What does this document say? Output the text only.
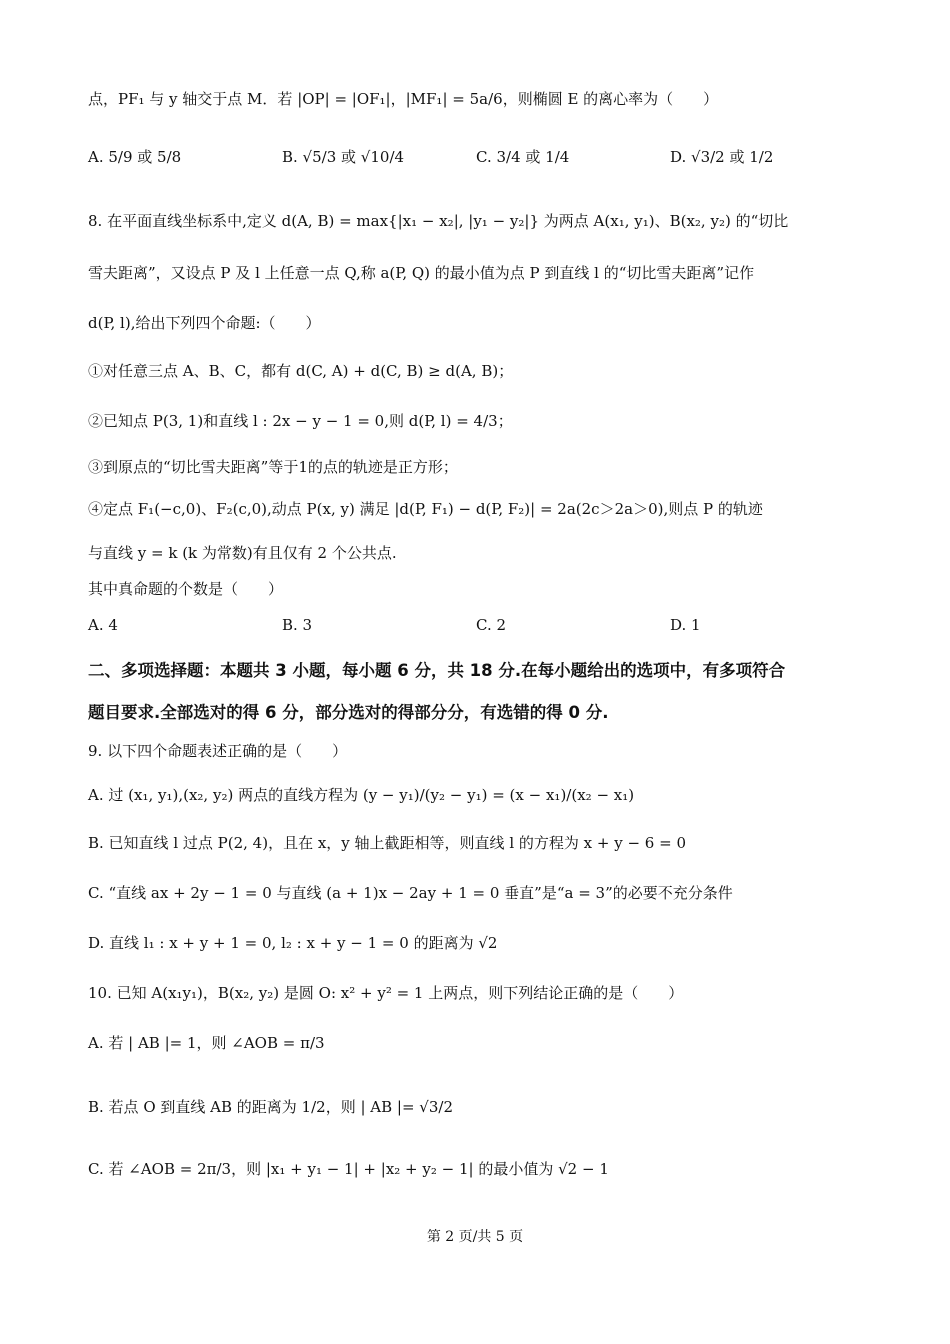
点，PF₁ 与 y 轴交于点 M．若 |OP| = |OF₁|，|MF₁| = 5a/6，则椭圆 E 的离心率为（　　）
A. 5/9 或 5/8	B. √5/3 或 √10/4	C. 3/4 或 1/4	D. √3/2 或 1/2
8. 在平面直线坐标系中,定义 d(A, B) = max{|x₁ − x₂|, |y₁ − y₂|} 为两点 A(x₁, y₁)、B(x₂, y₂) 的“切比
雪夫距离”，又设点 P 及 l 上任意一点 Q,称 a(P, Q) 的最小值为点 P 到直线 l 的“切比雪夫距离”记作
d(P, l),给出下列四个命题:（　　）
①对任意三点 A、B、C，都有 d(C, A) + d(C, B) ≥ d(A, B)；
②已知点 P(3, 1)和直线 l : 2x − y − 1 = 0,则 d(P, l) = 4/3；
③到原点的“切比雪夫距离”等于1的点的轨迹是正方形；
④定点 F₁(−c,0)、F₂(c,0),动点 P(x, y) 满足 |d(P, F₁) − d(P, F₂)| = 2a(2c＞2a＞0),则点 P 的轨迹
与直线 y = k (k 为常数)有且仅有 2 个公共点.
其中真命题的个数是（　　）
A. 4	B. 3	C. 2	D. 1
二、多项选择题：本题共 3 小题，每小题 6 分，共 18 分.在每小题给出的选项中，有多项符合
题目要求.全部选对的得 6 分，部分选对的得部分分，有选错的得 0 分.
9. 以下四个命题表述正确的是（　　）
A. 过 (x₁, y₁),(x₂, y₂) 两点的直线方程为 (y − y₁)/(y₂ − y₁) = (x − x₁)/(x₂ − x₁)
B. 已知直线 l 过点 P(2, 4)，且在 x，y 轴上截距相等，则直线 l 的方程为 x + y − 6 = 0
C. “直线 ax + 2y − 1 = 0 与直线 (a + 1)x − 2ay + 1 = 0 垂直”是“a = 3”的必要不充分条件
D. 直线 l₁ : x + y + 1 = 0, l₂ : x + y − 1 = 0 的距离为 √2
10. 已知 A(x₁y₁)，B(x₂, y₂) 是圆 O: x² + y² = 1 上两点，则下列结论正确的是（　　）
A. 若 | AB |= 1，则 ∠AOB = π/3
B. 若点 O 到直线 AB 的距离为 1/2，则 | AB |= √3/2
C. 若 ∠AOB = 2π/3，则 |x₁ + y₁ − 1| + |x₂ + y₂ − 1| 的最小值为 √2 − 1
第 2 页/共 5 页
